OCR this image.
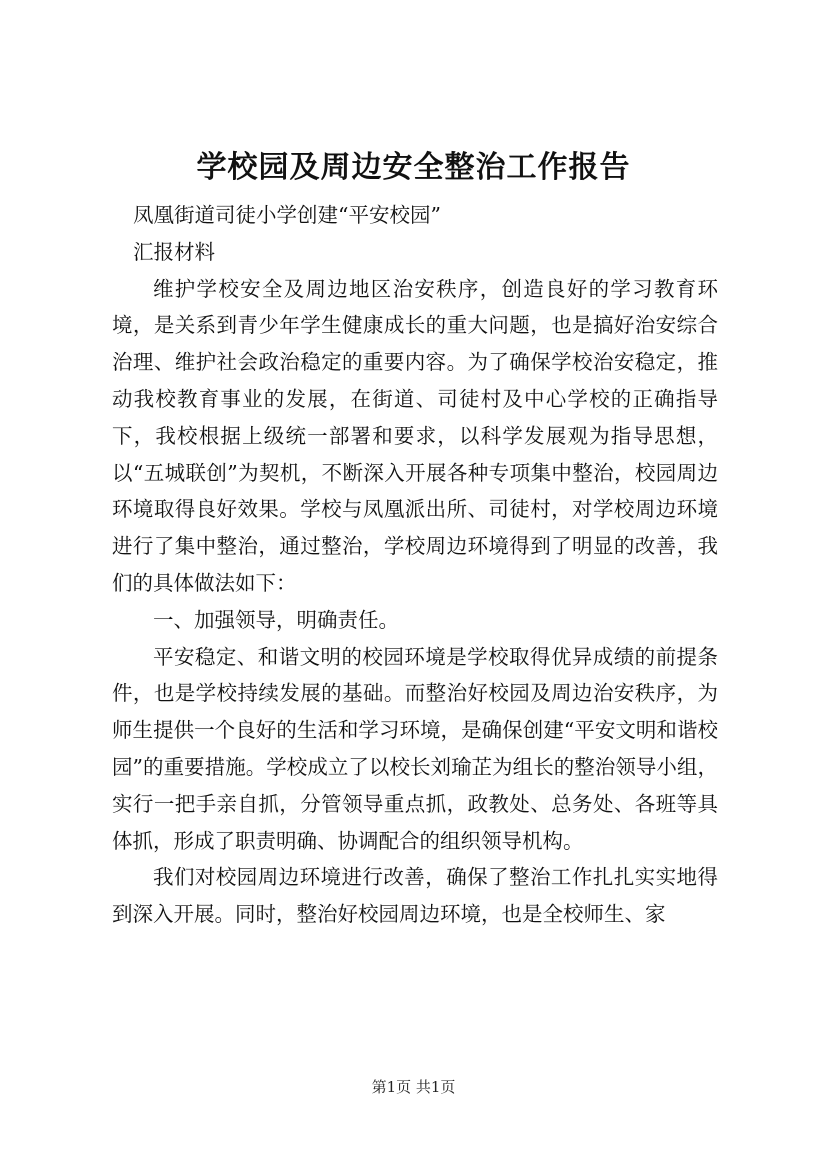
学校园及周边安全整治工作报告

凤凰街道司徒小学创建“平安校园”

汇报材料

维护学校安全及周边地区治安秩序，创造良好的学习教育环境，是关系到青少年学生健康成长的重大问题，也是搞好治安综合治理、维护社会政治稳定的重要内容。为了确保学校治安稳定，推动我校教育事业的发展，在街道、司徒村及中心学校的正确指导下，我校根据上级统一部署和要求，以科学发展观为指导思想，以“五城联创”为契机，不断深入开展各种专项集中整治，校园周边环境取得良好效果。学校与凤凰派出所、司徒村，对学校周边环境进行了集中整治，通过整治，学校周边环境得到了明显的改善，我们的具体做法如下：

一、加强领导，明确责任。

平安稳定、和谐文明的校园环境是学校取得优异成绩的前提条件，也是学校持续发展的基础。而整治好校园及周边治安秩序，为师生提供一个良好的生活和学习环境，是确保创建“平安文明和谐校园”的重要措施。学校成立了以校长刘瑜芷为组长的整治领导小组，实行一把手亲自抓，分管领导重点抓，政教处、总务处、各班等具体抓，形成了职责明确、协调配合的组织领导机构。

我们对校园周边环境进行改善，确保了整治工作扎扎实实地得到深入开展。同时，整治好校园周边环境，也是全校师生、家

第1页 共1页
